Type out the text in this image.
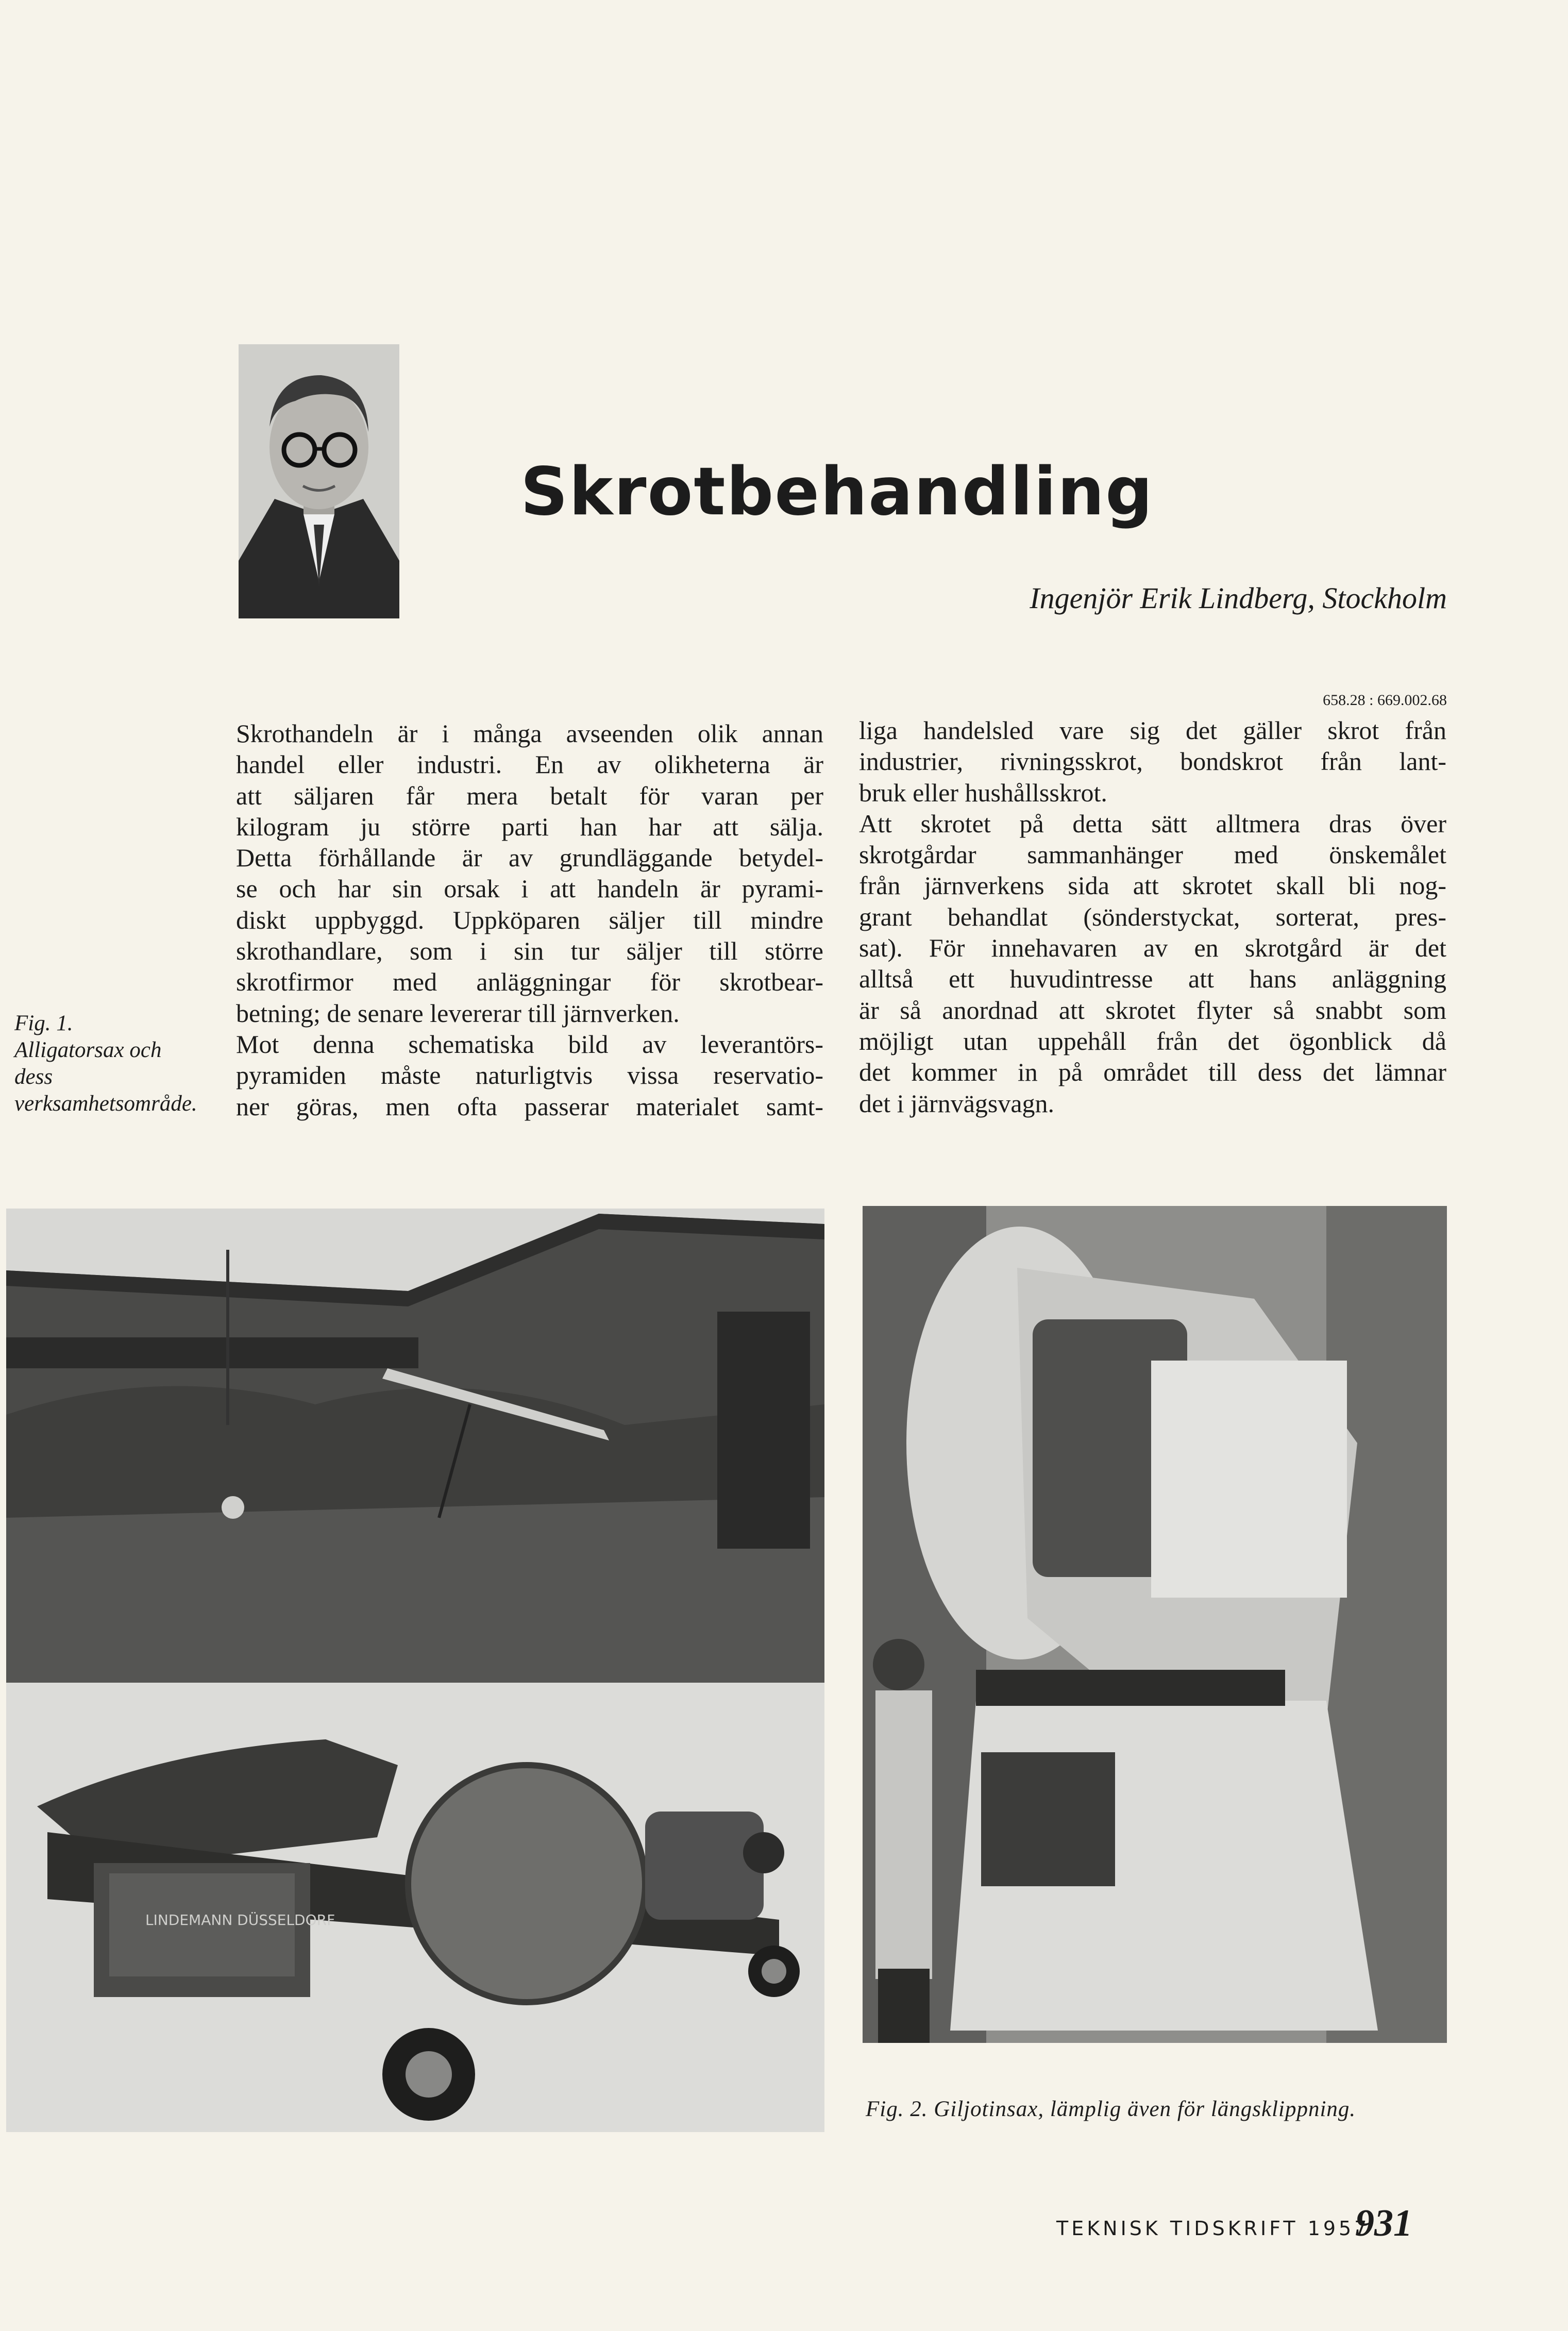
Skrotbehandling
Ingenjör Erik Lindberg, Stockholm
658.28 : 669.002.68
Skrothandeln är i många avseenden olik annan
handel eller industri. En av olikheterna är
att säljaren får mera betalt för varan per
kilogram ju större parti han har att sälja.
Detta förhållande är av grundläggande betydel-
se och har sin orsak i att handeln är pyrami-
diskt uppbyggd. Uppköparen säljer till mindre
skrothandlare, som i sin tur säljer till större
skrotfirmor med anläggningar för skrotbear-
betning; de senare levererar till järnverken.
Mot denna schematiska bild av leverantörs-
pyramiden måste naturligtvis vissa reservatio-
ner göras, men ofta passerar materialet samt-
liga handelsled vare sig det gäller skrot från
industrier, rivningsskrot, bondskrot från lant-
bruk eller hushållsskrot.
Att skrotet på detta sätt alltmera dras över
skrotgårdar sammanhänger med önskemålet
från järnverkens sida att skrotet skall bli nog-
grant behandlat (sönderstyckat, sorterat, pres-
sat). För innehavaren av en skrotgård är det
alltså ett huvudintresse att hans anläggning
är så anordnad att skrotet flyter så snabbt som
möjligt utan uppehåll från det ögonblick då
det kommer in på området till dess det lämnar
det i järnvägsvagn.
Fig. 1. Alligatorsax och dess verksamhetsområde.
LINDEMANN DÜSSELDORF
Fig. 2. Giljotinsax, lämplig även för längsklippning.
TEKNISK TIDSKRIFT 1957
931
